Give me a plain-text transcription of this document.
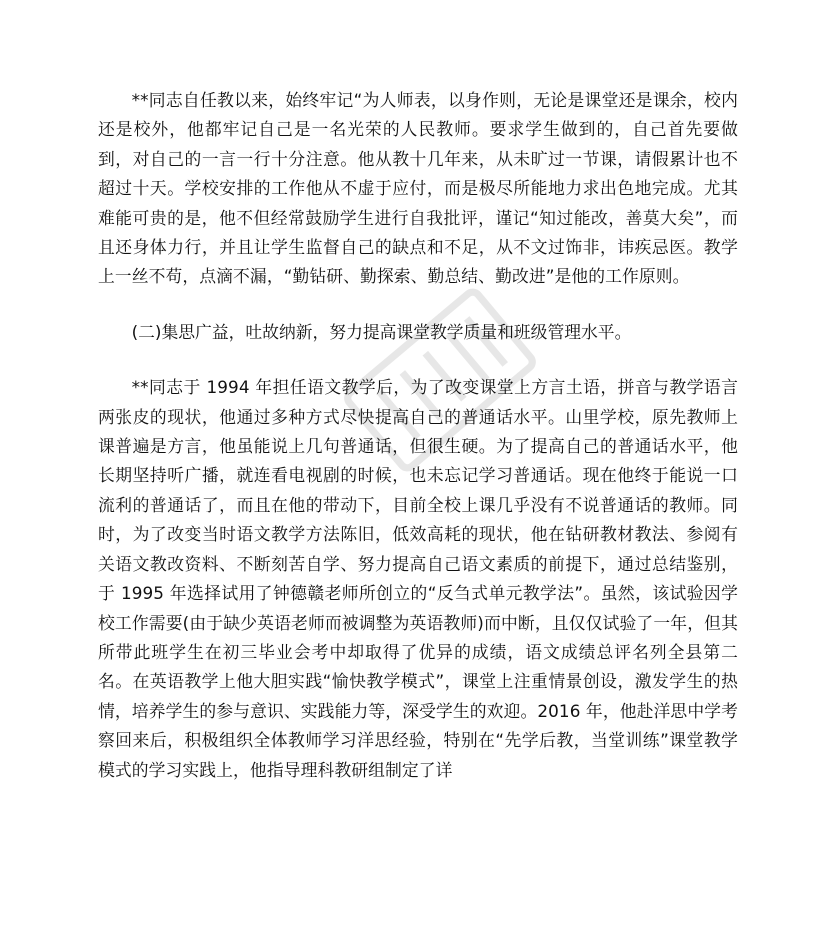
**同志自任教以来，始终牢记“为人师表，以身作则，无论是课堂还是课余，校内还是校外，他都牢记自己是一名光荣的人民教师。要求学生做到的，自己首先要做到，对自己的一言一行十分注意。他从教十几年来，从未旷过一节课，请假累计也不超过十天。学校安排的工作他从不虚于应付，而是极尽所能地力求出色地完成。尤其难能可贵的是，他不但经常鼓励学生进行自我批评，谨记“知过能改，善莫大矣”，而且还身体力行，并且让学生监督自己的缺点和不足，从不文过饰非，讳疾忌医。教学上一丝不苟，点滴不漏，“勤钻研、勤探索、勤总结、勤改进”是他的工作原则。

(二)集思广益，吐故纳新，努力提高课堂教学质量和班级管理水平。

**同志于 1994 年担任语文教学后，为了改变课堂上方言土语，拼音与教学语言两张皮的现状，他通过多种方式尽快提高自己的普通话水平。山里学校，原先教师上课普遍是方言，他虽能说上几句普通话，但很生硬。为了提高自己的普通话水平，他长期坚持听广播，就连看电视剧的时候，也未忘记学习普通话。现在他终于能说一口流利的普通话了，而且在他的带动下，目前全校上课几乎没有不说普通话的教师。同时，为了改变当时语文教学方法陈旧，低效高耗的现状，他在钻研教材教法、参阅有关语文教改资料、不断刻苦自学、努力提高自己语文素质的前提下，通过总结鉴别，于 1995 年选择试用了钟德赣老师所创立的“反刍式单元教学法”。虽然，该试验因学校工作需要(由于缺少英语老师而被调整为英语教师)而中断，且仅仅试验了一年，但其所带此班学生在初三毕业会考中却取得了优异的成绩，语文成绩总评名列全县第二名。在英语教学上他大胆实践“愉快教学模式”，课堂上注重情景创设，激发学生的热情，培养学生的参与意识、实践能力等，深受学生的欢迎。2016 年，他赴洋思中学考察回来后，积极组织全体教师学习洋思经验，特别在“先学后教，当堂训练”课堂教学模式的学习实践上，他指导理科教研组制定了详
